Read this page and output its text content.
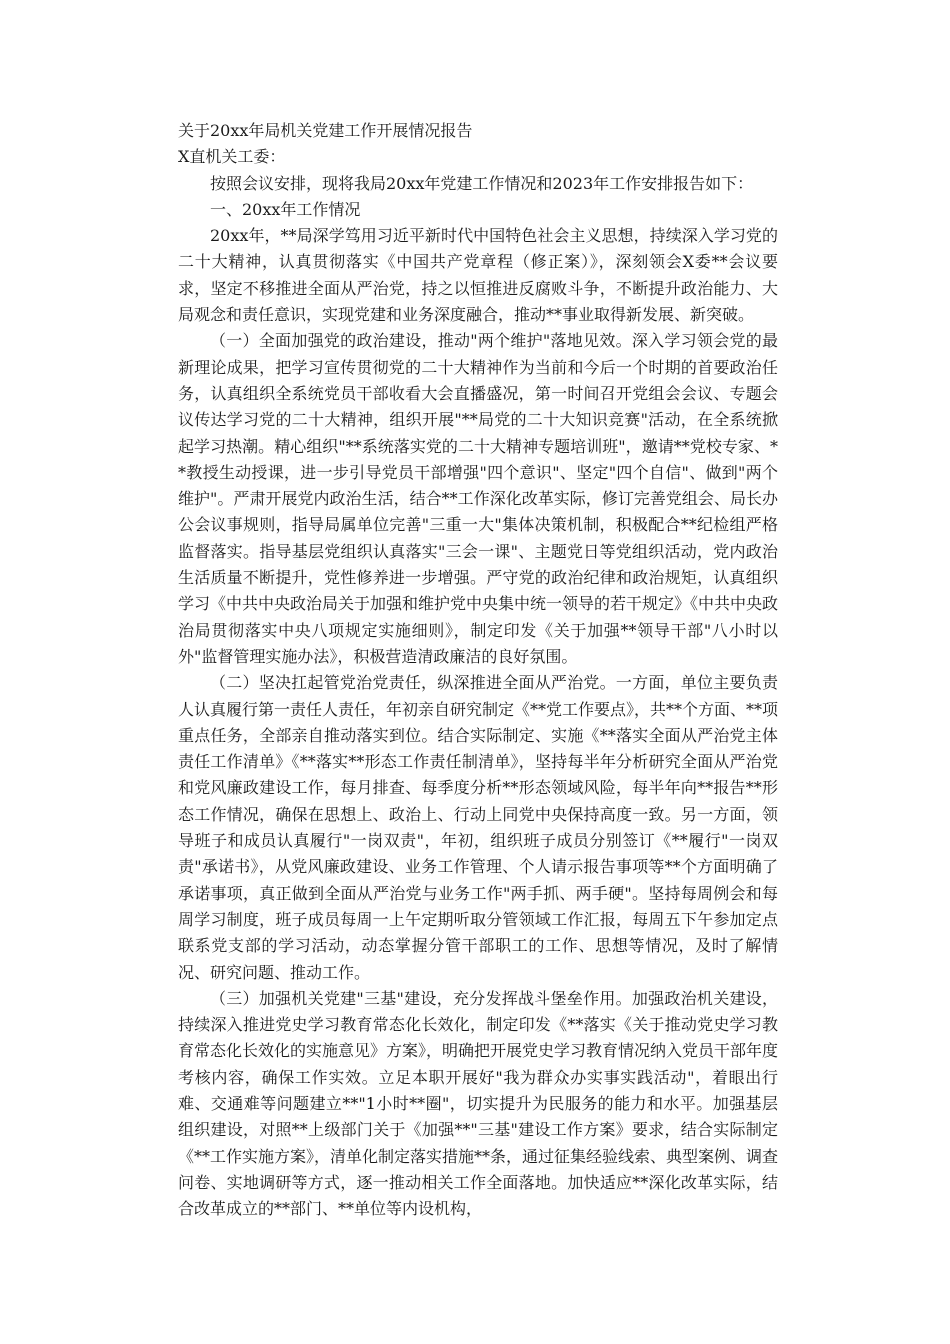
关于20xx年局机关党建工作开展情况报告
X直机关工委：
按照会议安排，现将我局20xx年党建工作情况和2023年工作安排报告如下：
一、20xx年工作情况

20xx年，**局深学笃用习近平新时代中国特色社会主义思想，持续深入学习党的二十大精神，认真贯彻落实《中国共产党章程（修正案）》，深刻领会X委**会议要求，坚定不移推进全面从严治党，持之以恒推进反腐败斗争，不断提升政治能力、大局观念和责任意识，实现党建和业务深度融合，推动**事业取得新发展、新突破。

（一）全面加强党的政治建设，推动"两个维护"落地见效。深入学习领会党的最新理论成果，把学习宣传贯彻党的二十大精神作为当前和今后一个时期的首要政治任务，认真组织全系统党员干部收看大会直播盛况，第一时间召开党组会会议、专题会议传达学习党的二十大精神，组织开展"**局党的二十大知识竞赛"活动，在全系统掀起学习热潮。精心组织"**系统落实党的二十大精神专题培训班"，邀请**党校专家、**教授生动授课，进一步引导党员干部增强"四个意识"、坚定"四个自信"、做到"两个维护"。严肃开展党内政治生活，结合**工作深化改革实际，修订完善党组会、局长办公会议事规则，指导局属单位完善"三重一大"集体决策机制，积极配合**纪检组严格监督落实。指导基层党组织认真落实"三会一课"、主题党日等党组织活动，党内政治生活质量不断提升，党性修养进一步增强。严守党的政治纪律和政治规矩，认真组织学习《中共中央政治局关于加强和维护党中央集中统一领导的若干规定》《中共中央政治局贯彻落实中央八项规定实施细则》，制定印发《关于加强**领导干部"八小时以外"监督管理实施办法》，积极营造清政廉洁的良好氛围。

（二）坚决扛起管党治党责任，纵深推进全面从严治党。一方面，单位主要负责人认真履行第一责任人责任，年初亲自研究制定《**党工作要点》，共**个方面、**项重点任务，全部亲自推动落实到位。结合实际制定、实施《**落实全面从严治党主体责任工作清单》《**落实**形态工作责任制清单》，坚持每半年分析研究全面从严治党和党风廉政建设工作，每月排查、每季度分析**形态领域风险，每半年向**报告**形态工作情况，确保在思想上、政治上、行动上同党中央保持高度一致。另一方面，领导班子和成员认真履行"一岗双责"，年初，组织班子成员分别签订《**履行"一岗双责"承诺书》，从党风廉政建设、业务工作管理、个人请示报告事项等**个方面明确了承诺事项，真正做到全面从严治党与业务工作"两手抓、两手硬"。坚持每周例会和每周学习制度，班子成员每周一上午定期听取分管领域工作汇报，每周五下午参加定点联系党支部的学习活动，动态掌握分管干部职工的工作、思想等情况，及时了解情况、研究问题、推动工作。

（三）加强机关党建"三基"建设，充分发挥战斗堡垒作用。加强政治机关建设，持续深入推进党史学习教育常态化长效化，制定印发《**落实《关于推动党史学习教育常态化长效化的实施意见》方案》，明确把开展党史学习教育情况纳入党员干部年度考核内容，确保工作实效。立足本职开展好"我为群众办实事实践活动"，着眼出行难、交通难等问题建立**"1小时**圈"，切实提升为民服务的能力和水平。加强基层组织建设，对照**上级部门关于《加强**"三基"建设工作方案》要求，结合实际制定《**工作实施方案》，清单化制定落实措施**条，通过征集经验线索、典型案例、调查问卷、实地调研等方式，逐一推动相关工作全面落地。加快适应**深化改革实际，结合改革成立的**部门、**单位等内设机构，
